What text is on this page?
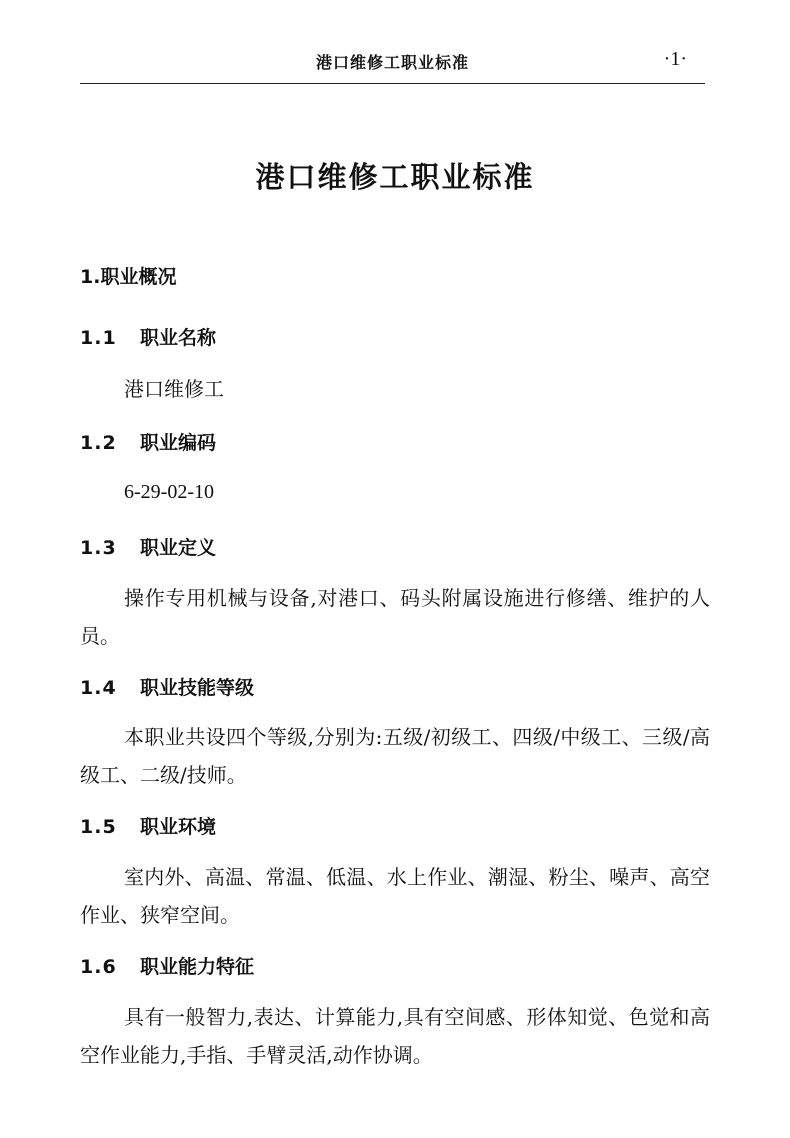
港口维修工职业标准	·1·
港口维修工职业标准
1.职业概况
1.1 职业名称
港口维修工
1.2 职业编码
6-29-02-10
1.3 职业定义
操作专用机械与设备,对港口、码头附属设施进行修缮、维护的人员。
1.4 职业技能等级
本职业共设四个等级,分别为:五级/初级工、四级/中级工、三级/高级工、二级/技师。
1.5 职业环境
室内外、高温、常温、低温、水上作业、潮湿、粉尘、噪声、高空作业、狭窄空间。
1.6 职业能力特征
具有一般智力,表达、计算能力,具有空间感、形体知觉、色觉和高空作业能力,手指、手臂灵活,动作协调。
